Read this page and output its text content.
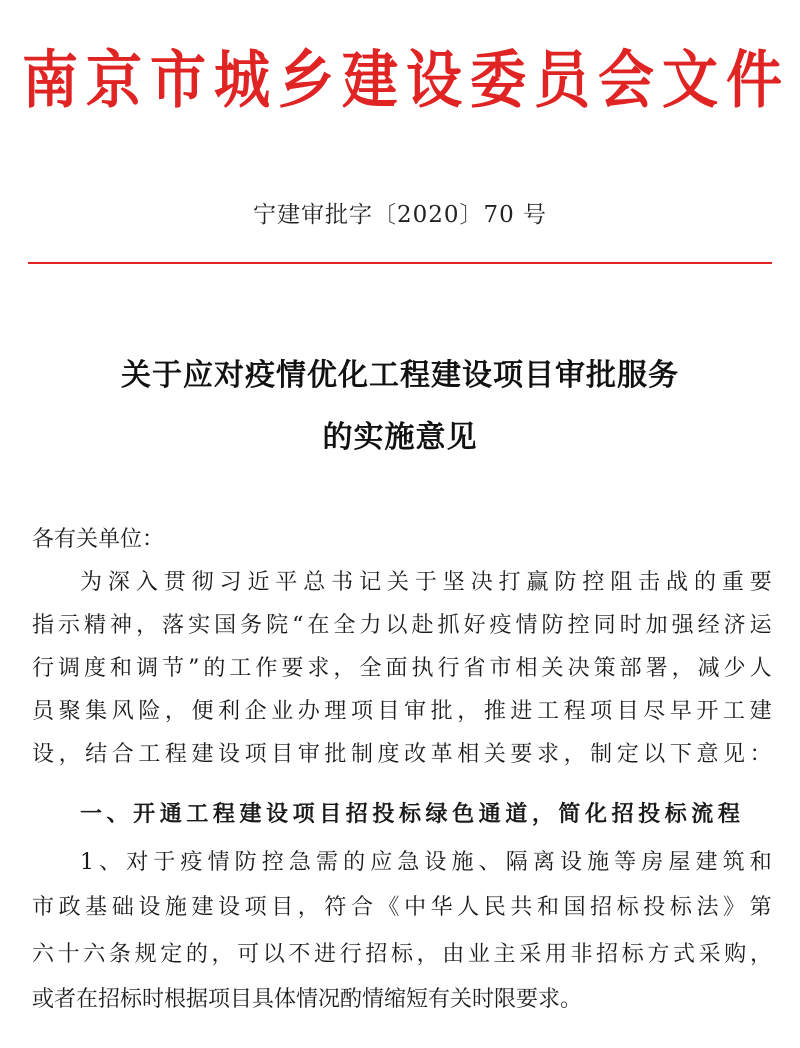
南 京 市 城 乡 建 设 委 员 会 文 件
宁建审批字〔2020〕70 号
关于应对疫情优化工程建设项目审批服务
的实施意见
各有关单位：
为 深 入 贯 彻 习 近 平 总 书 记 关 于 坚 决 打 赢 防 控 阻 击 战 的 重 要
指 示 精 神 ， 落 实 国 务 院 “ 在 全 力 以 赴 抓 好 疫 情 防 控 同 时 加 强 经 济 运
行 调 度 和 调 节 ” 的 工 作 要 求 ， 全 面 执 行 省 市 相 关 决 策 部 署 ， 减 少 人
员 聚 集 风 险 ， 便 利 企 业 办 理 项 目 审 批 ， 推 进 工 程 项 目 尽 早 开 工 建
设 ， 结 合 工 程 建 设 项 目 审 批 制 度 改 革 相 关 要 求 ， 制 定 以 下 意 见 ：
一 、 开 通 工 程 建 设 项 目 招 投 标 绿 色 通 道 ， 简 化 招 投 标 流 程
1 、 对 于 疫 情 防 控 急 需 的 应 急 设 施 、 隔 离 设 施 等 房 屋 建 筑 和
市 政 基 础 设 施 建 设 项 目 ， 符 合 《 中 华 人 民 共 和 国 招 标 投 标 法 》 第
六 十 六 条 规 定 的 ， 可 以 不 进 行 招 标 ， 由 业 主 采 用 非 招 标 方 式 采 购 ，
或者在招标时根据项目具体情况酌情缩短有关时限要求。
